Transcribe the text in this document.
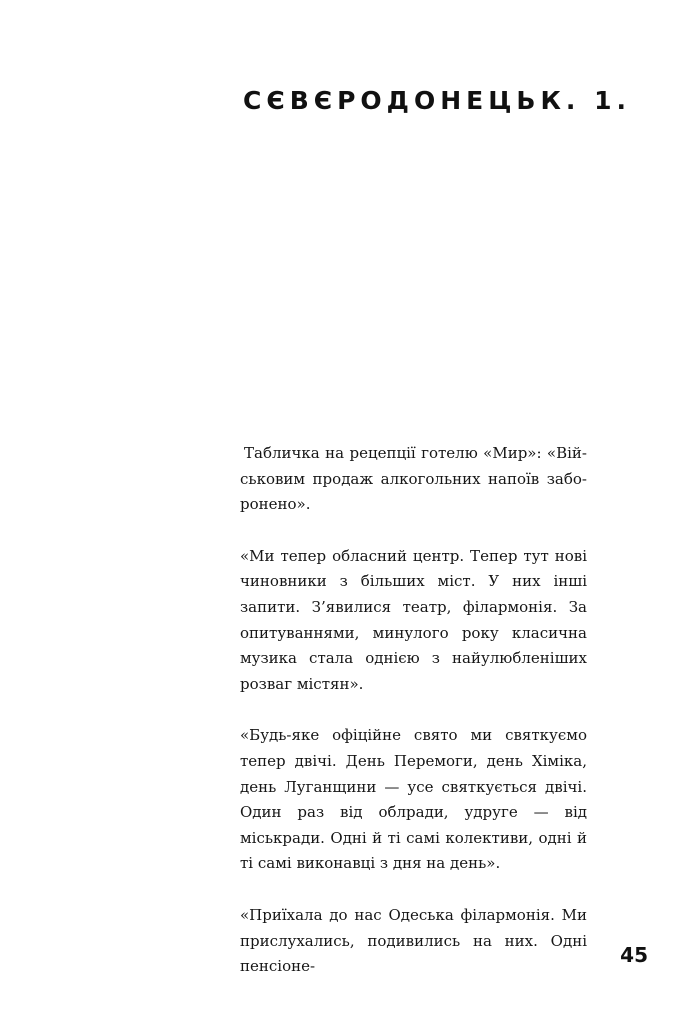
СЄВЄРОДОНЕЦЬК. 1.

Табличка на рецепції готелю «Мир»: «Військовим продаж алкогольних напоїв заборонено».

«Ми тепер обласний центр. Тепер тут нові чиновники з більших міст. У них інші запити. З’явилися театр, філармонія. За опитуваннями, минулого року класична музика стала однією з найулюбленіших розваг містян».

«Будь-яке офіційне свято ми святкуємо тепер двічі. День Перемоги, день Хіміка, день Луганщини — усе святкується двічі. Один раз від облради, удруге — від міськради. Одні й ті самі колективи, одні й ті самі виконавці з дня на день».

«Приїхала до нас Одеська філармонія. Ми прислухались, подивились на них. Одні пенсіоне-	45
